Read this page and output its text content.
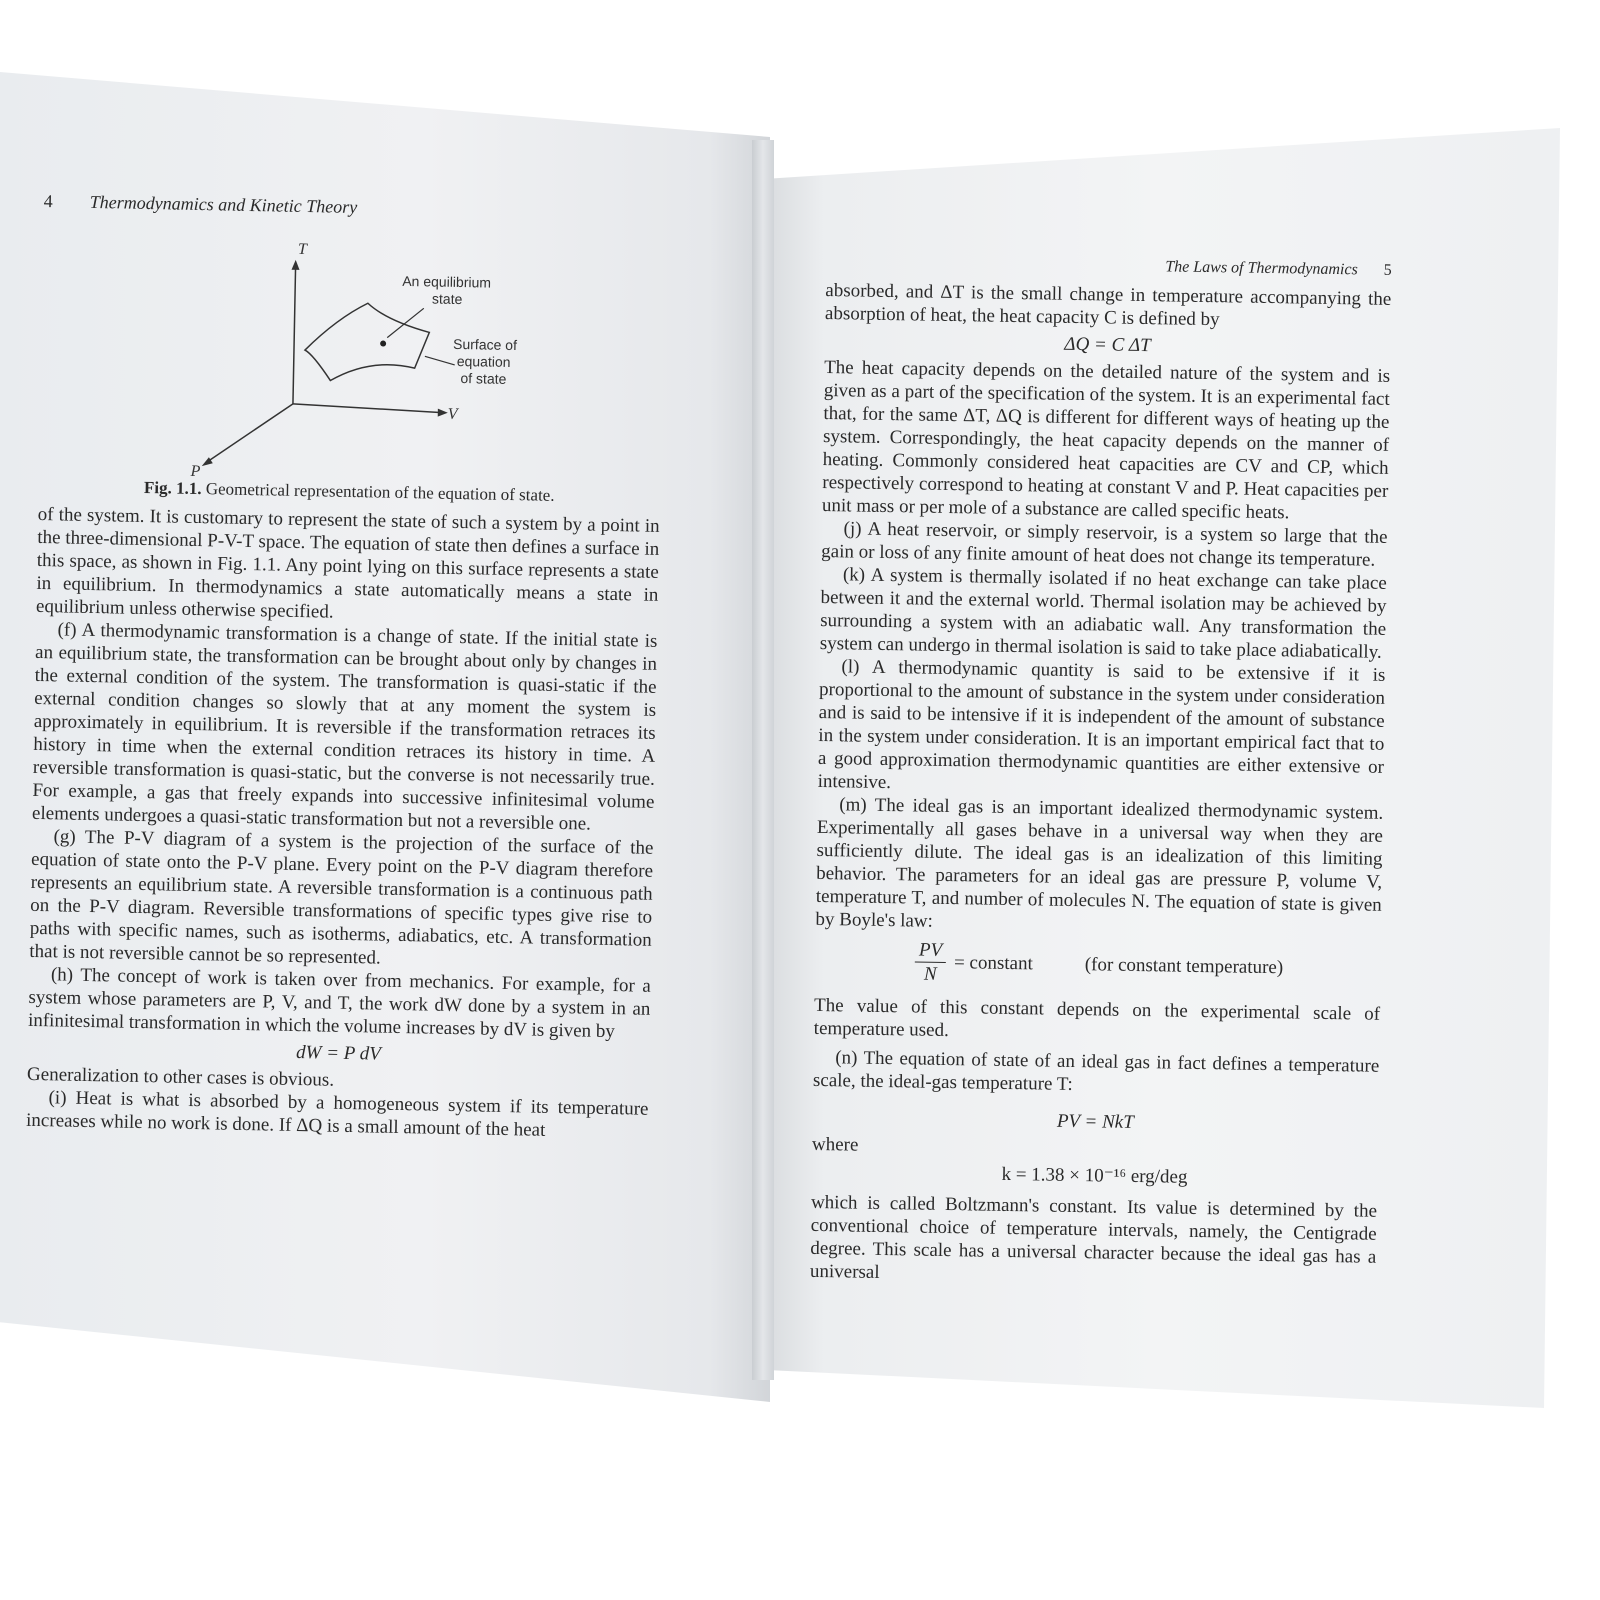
4 Thermodynamics and Kinetic Theory
T
V
P
An equilibrium
state
Surface of
equation
of state
Fig. 1.1. Geometrical representation of the equation of state.

of the system. It is customary to represent the state of such a system by a point in the three-dimensional P-V-T space. The equation of state then defines a surface in this space, as shown in Fig. 1.1. Any point lying on this surface represents a state in equilibrium. In thermodynamics a state automatically means a state in equilibrium unless otherwise specified.

(f) A thermodynamic transformation is a change of state. If the initial state is an equilibrium state, the transformation can be brought about only by changes in the external condition of the system. The transformation is quasi-static if the external condition changes so slowly that at any moment the system is approximately in equilibrium. It is reversible if the transformation retraces its history in time when the external condition retraces its history in time. A reversible transformation is quasi-static, but the converse is not necessarily true. For example, a gas that freely expands into successive infinitesimal volume elements undergoes a quasi-static transformation but not a reversible one.

(g) The P-V diagram of a system is the projection of the surface of the equation of state onto the P-V plane. Every point on the P-V diagram therefore represents an equilibrium state. A reversible transformation is a continuous path on the P-V diagram. Reversible transformations of specific types give rise to paths with specific names, such as isotherms, adiabatics, etc. A transformation that is not reversible cannot be so represented.

(h) The concept of work is taken over from mechanics. For example, for a system whose parameters are P, V, and T, the work dW done by a system in an infinitesimal transformation in which the volume increases by dV is given by

dW = P dV

Generalization to other cases is obvious.

(i) Heat is what is absorbed by a homogeneous system if its temperature increases while no work is done. If ΔQ is a small amount of the heat

The Laws of Thermodynamics 5

absorbed, and ΔT is the small change in temperature accompanying the absorption of heat, the heat capacity C is defined by

ΔQ = C ΔT

The heat capacity depends on the detailed nature of the system and is given as a part of the specification of the system. It is an experimental fact that, for the same ΔT, ΔQ is different for different ways of heating up the system. Correspondingly, the heat capacity depends on the manner of heating. Commonly considered heat capacities are CV and CP, which respectively correspond to heating at constant V and P. Heat capacities per unit mass or per mole of a substance are called specific heats.

(j) A heat reservoir, or simply reservoir, is a system so large that the gain or loss of any finite amount of heat does not change its temperature.

(k) A system is thermally isolated if no heat exchange can take place between it and the external world. Thermal isolation may be achieved by surrounding a system with an adiabatic wall. Any transformation the system can undergo in thermal isolation is said to take place adiabatically.

(l) A thermodynamic quantity is said to be extensive if it is proportional to the amount of substance in the system under consideration and is said to be intensive if it is independent of the amount of substance in the system under consideration. It is an important empirical fact that to a good approximation thermodynamic quantities are either extensive or intensive.

(m) The ideal gas is an important idealized thermodynamic system. Experimentally all gases behave in a universal way when they are sufficiently dilute. The ideal gas is an idealization of this limiting behavior. The parameters for an ideal gas are pressure P, volume V, temperature T, and number of molecules N. The equation of state is given by Boyle's law:

$\frac{PV}{N}$ = constant	(for constant temperature)

The value of this constant depends on the experimental scale of temperature used.

(n) The equation of state of an ideal gas in fact defines a temperature scale, the ideal-gas temperature T:

PV = NkT
where
k = 1.38 × 10⁻¹⁶ erg/deg

which is called Boltzmann's constant. Its value is determined by the conventional choice of temperature intervals, namely, the Centigrade degree. This scale has a universal character because the ideal gas has a universal
